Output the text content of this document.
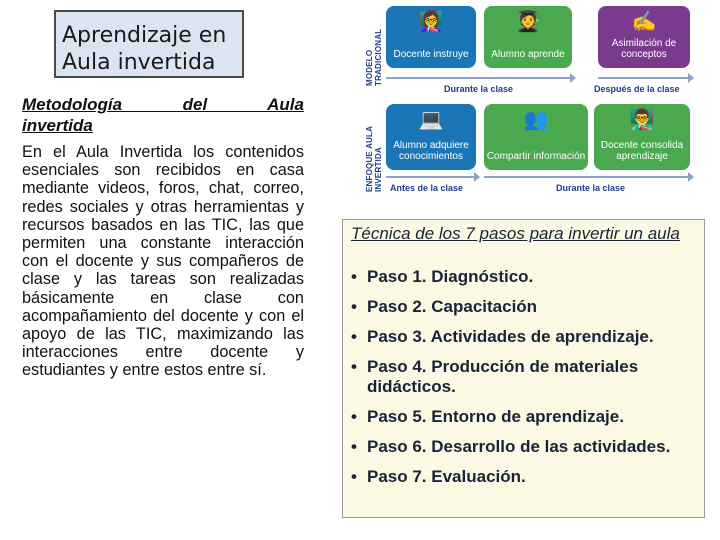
Aprendizaje en
Aula invertida
Metodología del Aula
invertida
En el Aula Invertida los contenidos esenciales son recibidos en casa mediante videos, foros, chat, correo, redes sociales y otras herramientas y recursos basados en las TIC, las que permiten una constante interacción con el docente y sus compañeros de clase y las tareas son realizadas básicamente en clase con acompañamiento del docente y con el apoyo de las TIC, maximizando las interacciones entre docente y estudiantes y entre estos entre sí.
MODELO TRADICIONAL
ENFOQUE AULA INVERTIDA
👩‍🏫
Docente instruye
🧑‍🎓
Alumno aprende
✍
Asimilación de conceptos
Durante la clase	Después de la clase
💻
Alumno adquiere conocimientos
👥
Compartir información
👨‍🏫
Docente consolida aprendizaje
Antes de la clase	Durante la clase
Técnica de los 7 pasos para invertir un aula
• Paso 1. Diagnóstico.
• Paso 2. Capacitación
• Paso 3. Actividades de aprendizaje.
• Paso 4. Producción de materiales didácticos.
• Paso 5. Entorno de aprendizaje.
• Paso 6. Desarrollo de las actividades.
• Paso 7. Evaluación.
